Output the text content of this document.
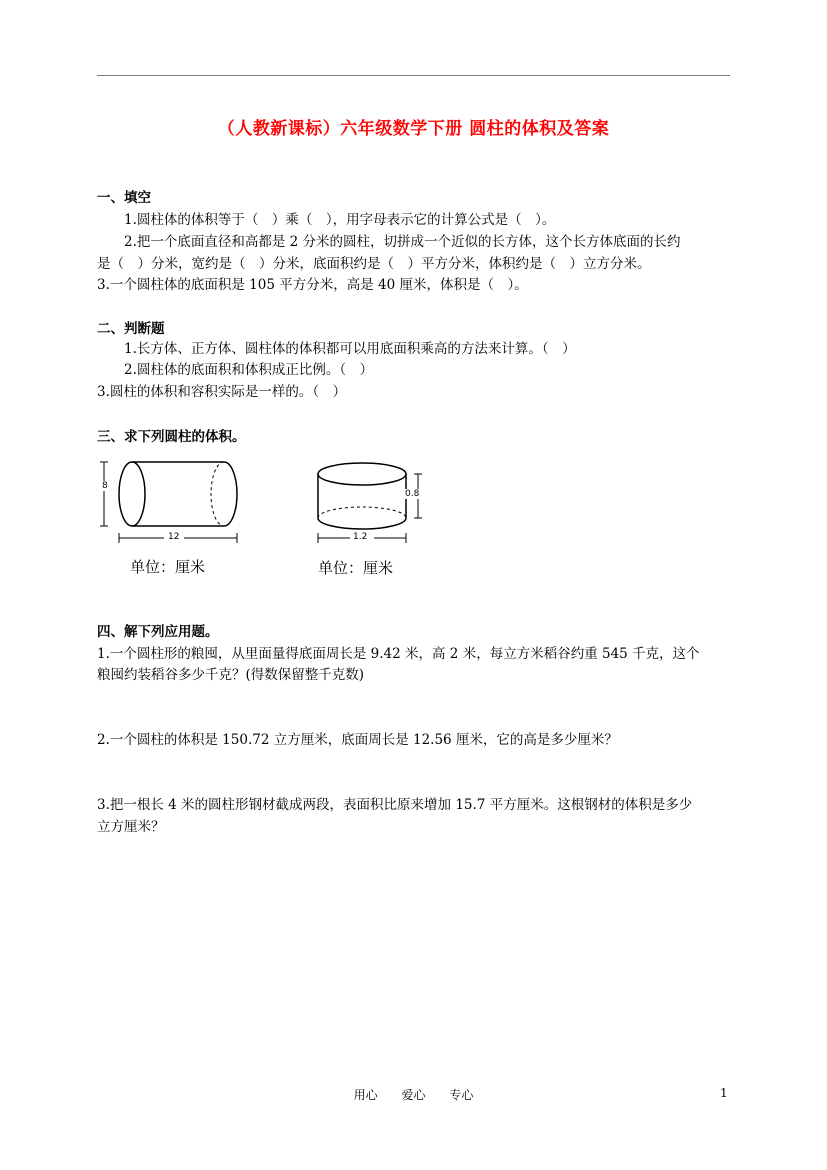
（人教新课标）六年级数学下册 圆柱的体积及答案
一、填空
1.圆柱体的体积等于（　）乘（　），用字母表示它的计算公式是（　）。
2.把一个底面直径和高都是 2 分米的圆柱，切拼成一个近似的长方体，这个长方体底面的长约
是（　）分米，宽约是（　）分米，底面积约是（　）平方分米，体积约是（　）立方分米。
3.一个圆柱体的底面积是 105 平方分米，高是 40 厘米，体积是（　）。
二、判断题
1.长方体、正方体、圆柱体的体积都可以用底面积乘高的方法来计算。（　）
2.圆柱体的底面积和体积成正比例。（　）
3.圆柱的体积和容积实际是一样的。（　）
三、求下列圆柱的体积。
8
12
单位：厘米
0.8
1.2
单位：厘米
四、解下列应用题。
1.一个圆柱形的粮囤，从里面量得底面周长是 9.42 米，高 2 米，每立方米稻谷约重 545 千克，这个
粮囤约装稻谷多少千克？(得数保留整千克数)
2.一个圆柱的体积是 150.72 立方厘米，底面周长是 12.56 厘米，它的高是多少厘米？
3.把一根长 4 米的圆柱形钢材截成两段，表面积比原来增加 15.7 平方厘米。这根钢材的体积是多少
立方厘米？
用心 爱心 专心	1
